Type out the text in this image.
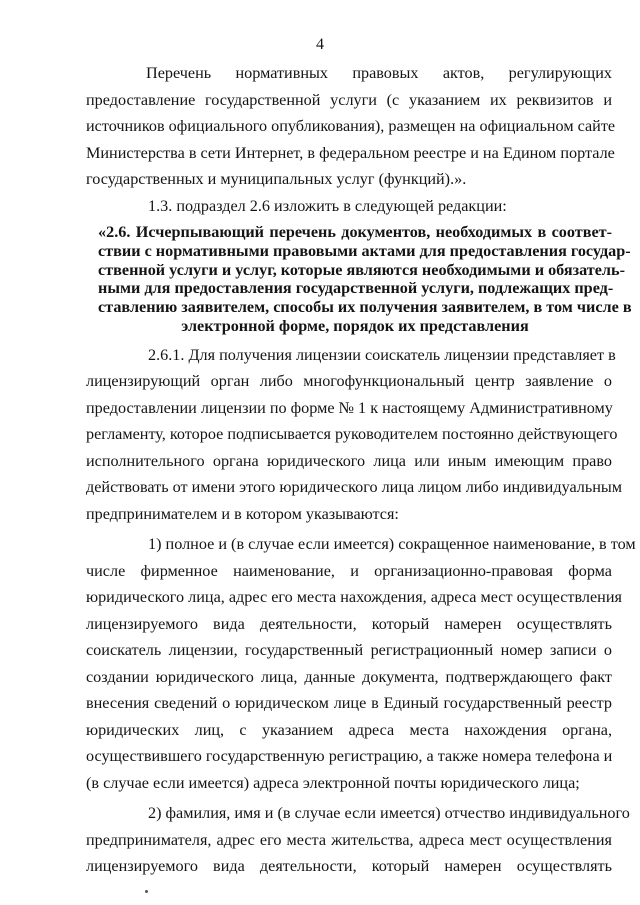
4
Перечень нормативных правовых актов, регулирующих
предоставление государственной услуги (с указанием их реквизитов и
источников официального опубликования), размещен на официальном сайте
Министерства в сети Интернет, в федеральном реестре и на Едином портале
государственных и муниципальных услуг (функций).».
1.3. подраздел 2.6 изложить в следующей редакции:
«2.6. Исчерпывающий перечень документов, необходимых в соответ-
ствии с нормативными правовыми актами для предоставления государ-
ственной услуги и услуг, которые являются необходимыми и обязатель-
ными для предоставления государственной услуги, подлежащих пред-
ставлению заявителем, способы их получения заявителем, в том числе в
электронной форме, порядок их представления
2.6.1. Для получения лицензии соискатель лицензии представляет в
лицензирующий орган либо многофункциональный центр заявление о
предоставлении лицензии по форме № 1 к настоящему Административному
регламенту, которое подписывается руководителем постоянно действующего
исполнительного органа юридического лица или иным имеющим право
действовать от имени этого юридического лица лицом либо индивидуальным
предпринимателем и в котором указываются:
1) полное и (в случае если имеется) сокращенное наименование, в том
числе фирменное наименование, и организационно-правовая форма
юридического лица, адрес его места нахождения, адреса мест осуществления
лицензируемого вида деятельности, который намерен осуществлять
соискатель лицензии, государственный регистрационный номер записи о
создании юридического лица, данные документа, подтверждающего факт
внесения сведений о юридическом лице в Единый государственный реестр
юридических лиц, с указанием адреса места нахождения органа,
осуществившего государственную регистрацию, а также номера телефона и
(в случае если имеется) адреса электронной почты юридического лица;
2) фамилия, имя и (в случае если имеется) отчество индивидуального
предпринимателя, адрес его места жительства, адреса мест осуществления
лицензируемого вида деятельности, который намерен осуществлять
